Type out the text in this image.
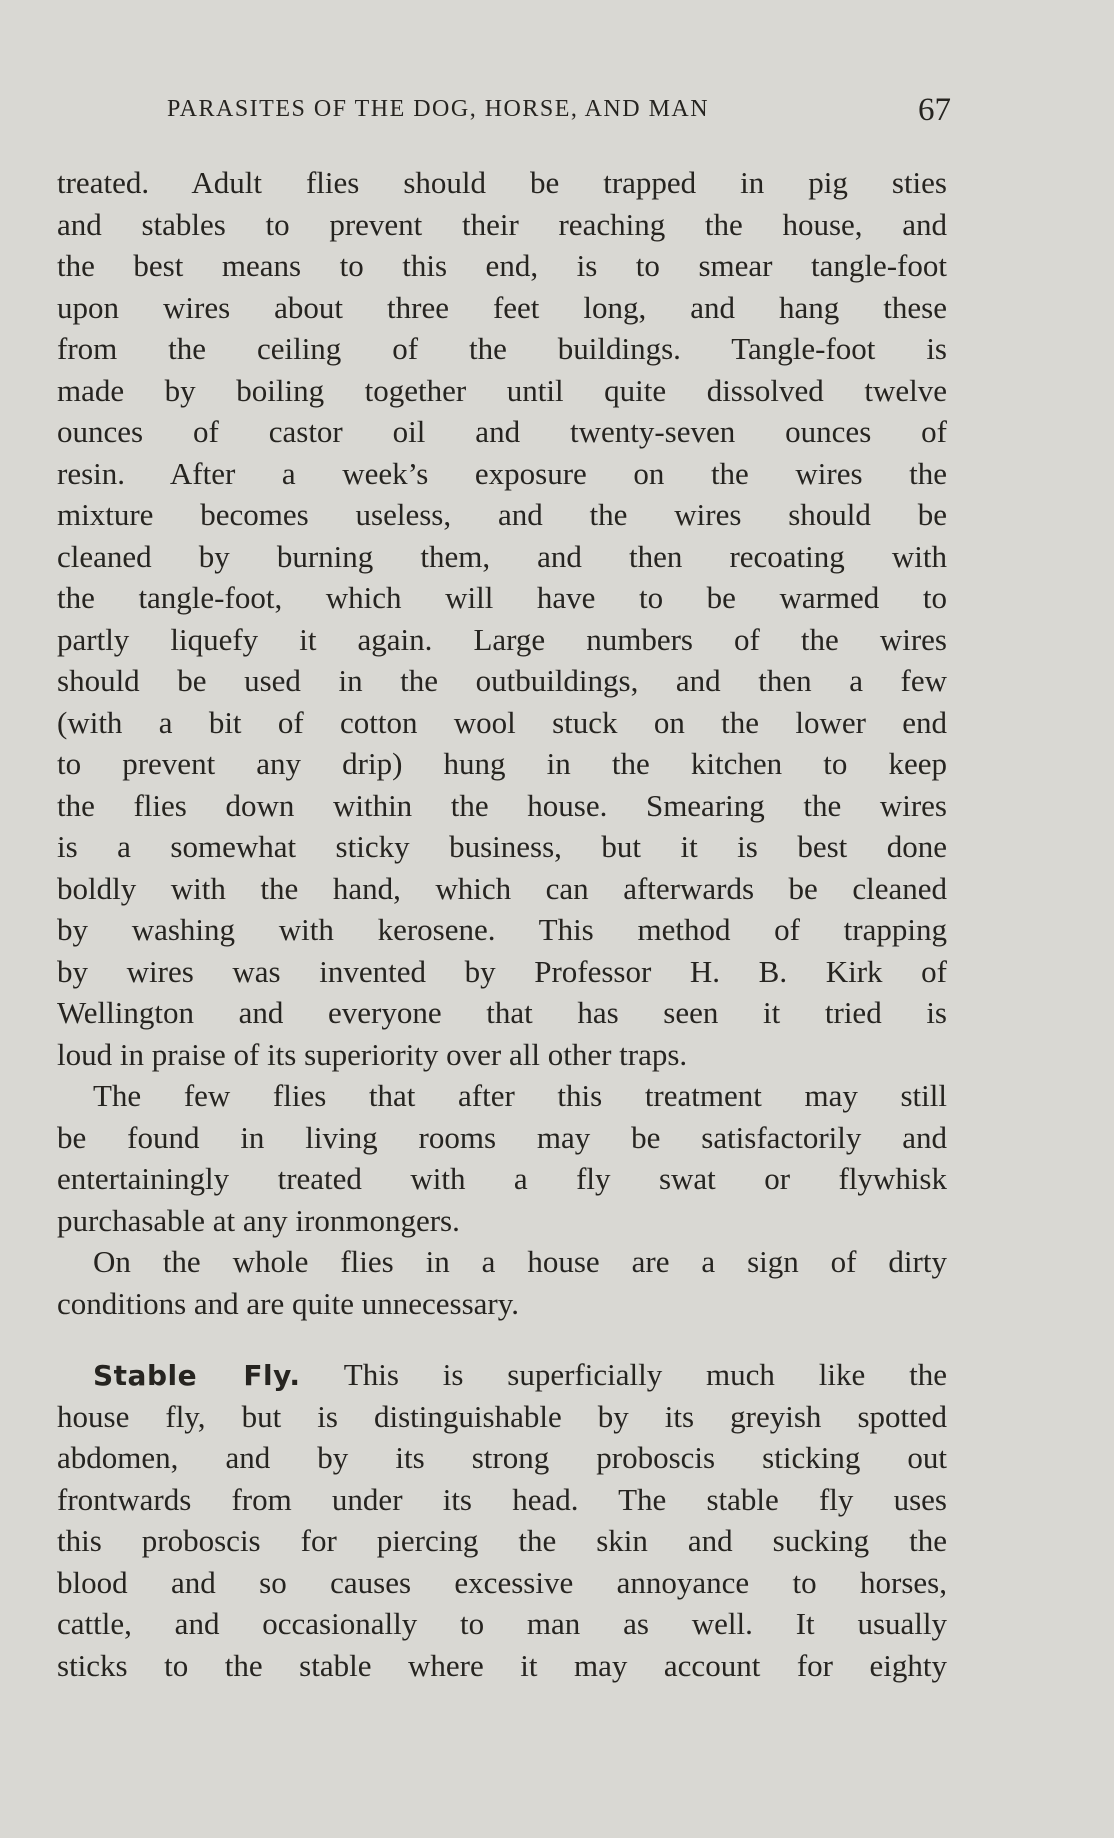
PARASITES OF THE DOG, HORSE, AND MAN	67
treated. Adult flies should be trapped in pig sties
and stables to prevent their reaching the house, and
the best means to this end, is to smear tangle-foot
upon wires about three feet long, and hang these
from the ceiling of the buildings. Tangle-foot is
made by boiling together until quite dissolved twelve
ounces of castor oil and twenty-seven ounces of
resin. After a week’s exposure on the wires the
mixture becomes useless, and the wires should be
cleaned by burning them, and then recoating with
the tangle-foot, which will have to be warmed to
partly liquefy it again. Large numbers of the wires
should be used in the outbuildings, and then a few
(with a bit of cotton wool stuck on the lower end
to prevent any drip) hung in the kitchen to keep
the flies down within the house. Smearing the wires
is a somewhat sticky business, but it is best done
boldly with the hand, which can afterwards be cleaned
by washing with kerosene. This method of trapping
by wires was invented by Professor H. B. Kirk of
Wellington and everyone that has seen it tried is
loud in praise of its superiority over all other traps.
The few flies that after this treatment may still
be found in living rooms may be satisfactorily and
entertainingly treated with a fly swat or flywhisk
purchasable at any ironmongers.
On the whole flies in a house are a sign of dirty
conditions and are quite unnecessary.
Stable Fly. This is superficially much like the
house fly, but is distinguishable by its greyish spotted
abdomen, and by its strong proboscis sticking out
frontwards from under its head. The stable fly uses
this proboscis for piercing the skin and sucking the
blood and so causes excessive annoyance to horses,
cattle, and occasionally to man as well. It usually
sticks to the stable where it may account for eighty
